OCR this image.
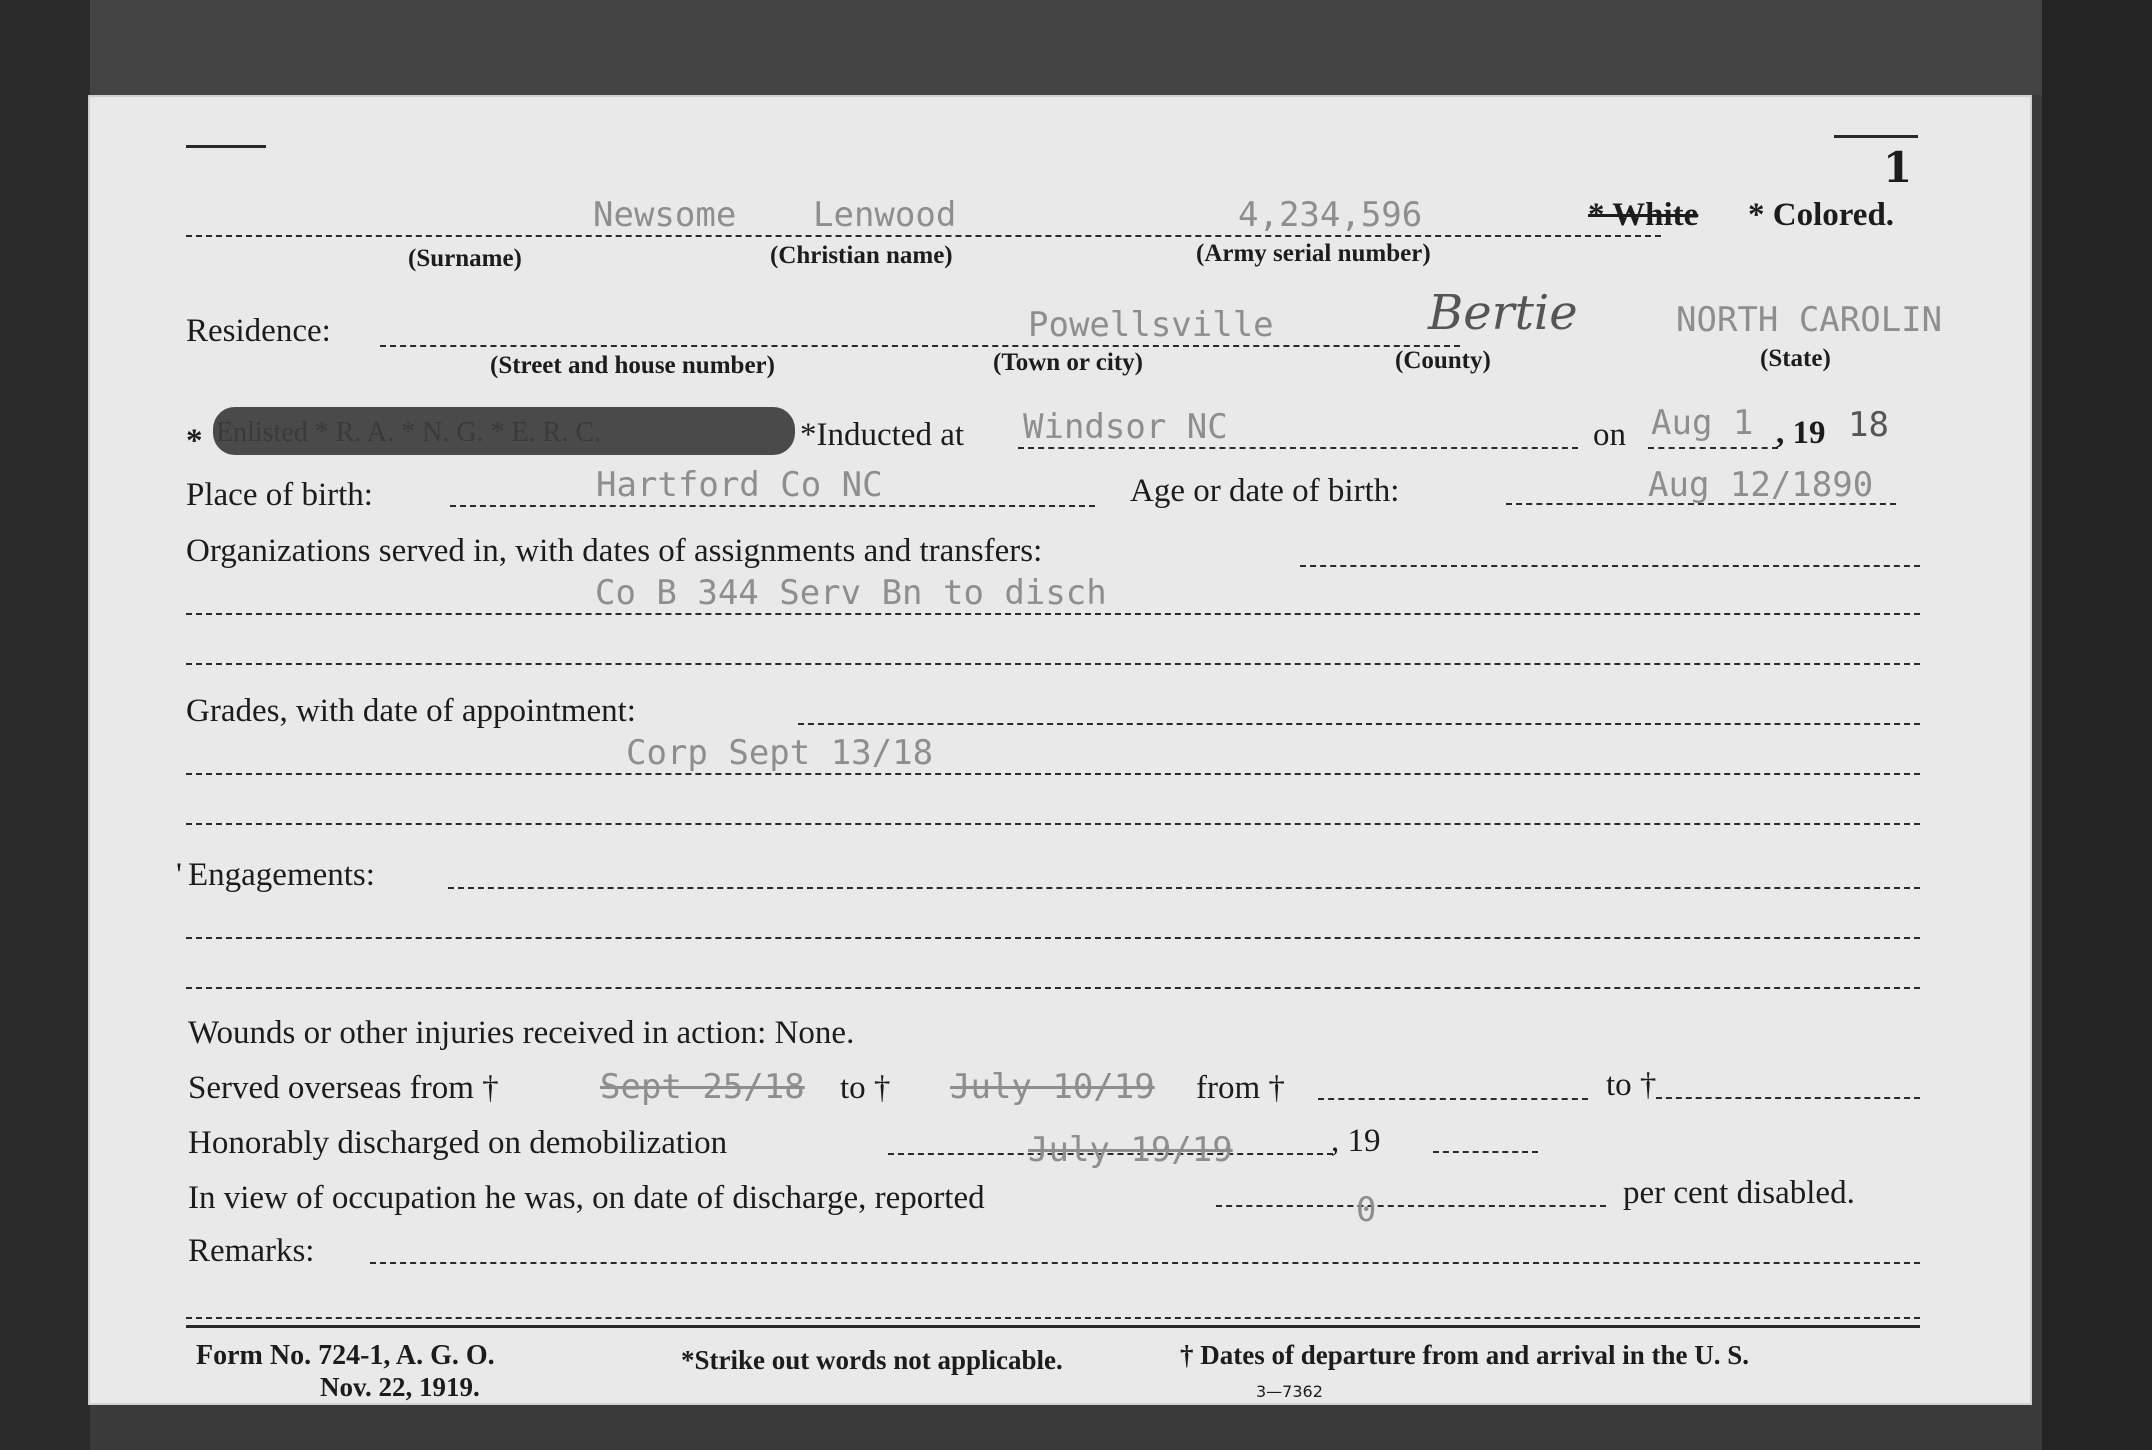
1
Newsome Lenwood	4,234,596	* White * Colored.
(Surname)	(Christian name)	(Army serial number)
Residence:	Powellsville	Bertie	NORTH CAROLIN
(Street and house number)	(Town or city)	(County)	(State)
* Enlisted * R. A. * N. G. * E. R. C.	*Inducted at Windsor NC	on Aug 1 , 19 18
Place of birth:	Hartford Co NC	Age or date of birth:	Aug 12/1890
Organizations served in, with dates of assignments and transfers:
Co B 344 Serv Bn to disch
Grades, with date of appointment:
Corp Sept 13/18
' Engagements:
Wounds or other injuries received in action: None.
Served overseas from †	Sept 25/18 to † July 10/19 from †	to †
Honorably discharged on demobilization	July 19/19	, 19
In view of occupation he was, on date of discharge, reported	0	per cent disabled.
Remarks:
Form No. 724-1, A. G. O.
Nov. 22, 1919.
*Strike out words not applicable.	† Dates of departure from and arrival in the U. S.
3—7362
